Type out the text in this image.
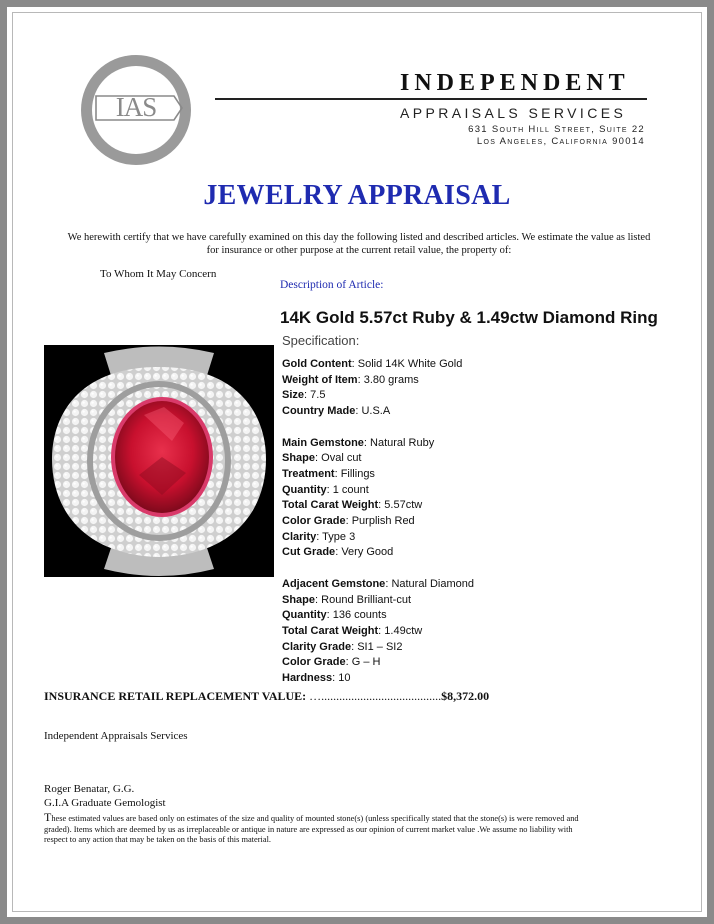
IAS
Appraisal
INDEPENDENT
APPRAISALS SERVICES
631 South Hill Street, Suite 22
Los Angeles, California 90014
JEWELRY APPRAISAL
We herewith certify that we have carefully examined on this day the following listed and described articles. We estimate the value as listed for insurance or other purpose at the current retail value, the property of:
To Whom It May Concern
Description of Article:
14K Gold 5.57ct Ruby & 1.49ctw Diamond Ring
Specification:
Gold Content: Solid 14K White Gold
Weight of Item: 3.80 grams
Size: 7.5
Country Made: U.S.A
Main Gemstone: Natural Ruby
Shape: Oval cut
Treatment: Fillings
Quantity: 1 count
Total Carat Weight: 5.57ctw
Color Grade: Purplish Red
Clarity: Type 3
Cut Grade: Very Good
Adjacent Gemstone: Natural Diamond
Shape: Round Brilliant-cut
Quantity: 136 counts
Total Carat Weight: 1.49ctw
Clarity Grade: SI1 – SI2
Color Grade: G – H
Hardness: 10
INSURANCE RETAIL REPLACEMENT VALUE: …........................................$8,372.00
Independent Appraisals Services
Roger Benatar, G.G.
G.I.A Graduate Gemologist
These estimated values are based only on estimates of the size and quality of mounted stone(s) (unless specifically stated that the stone(s) is were removed and graded). Items which are deemed by us as irreplaceable or antique in nature are expressed as our opinion of current market value .We assume no liability with respect to any action that may be taken on the basis of this material.
